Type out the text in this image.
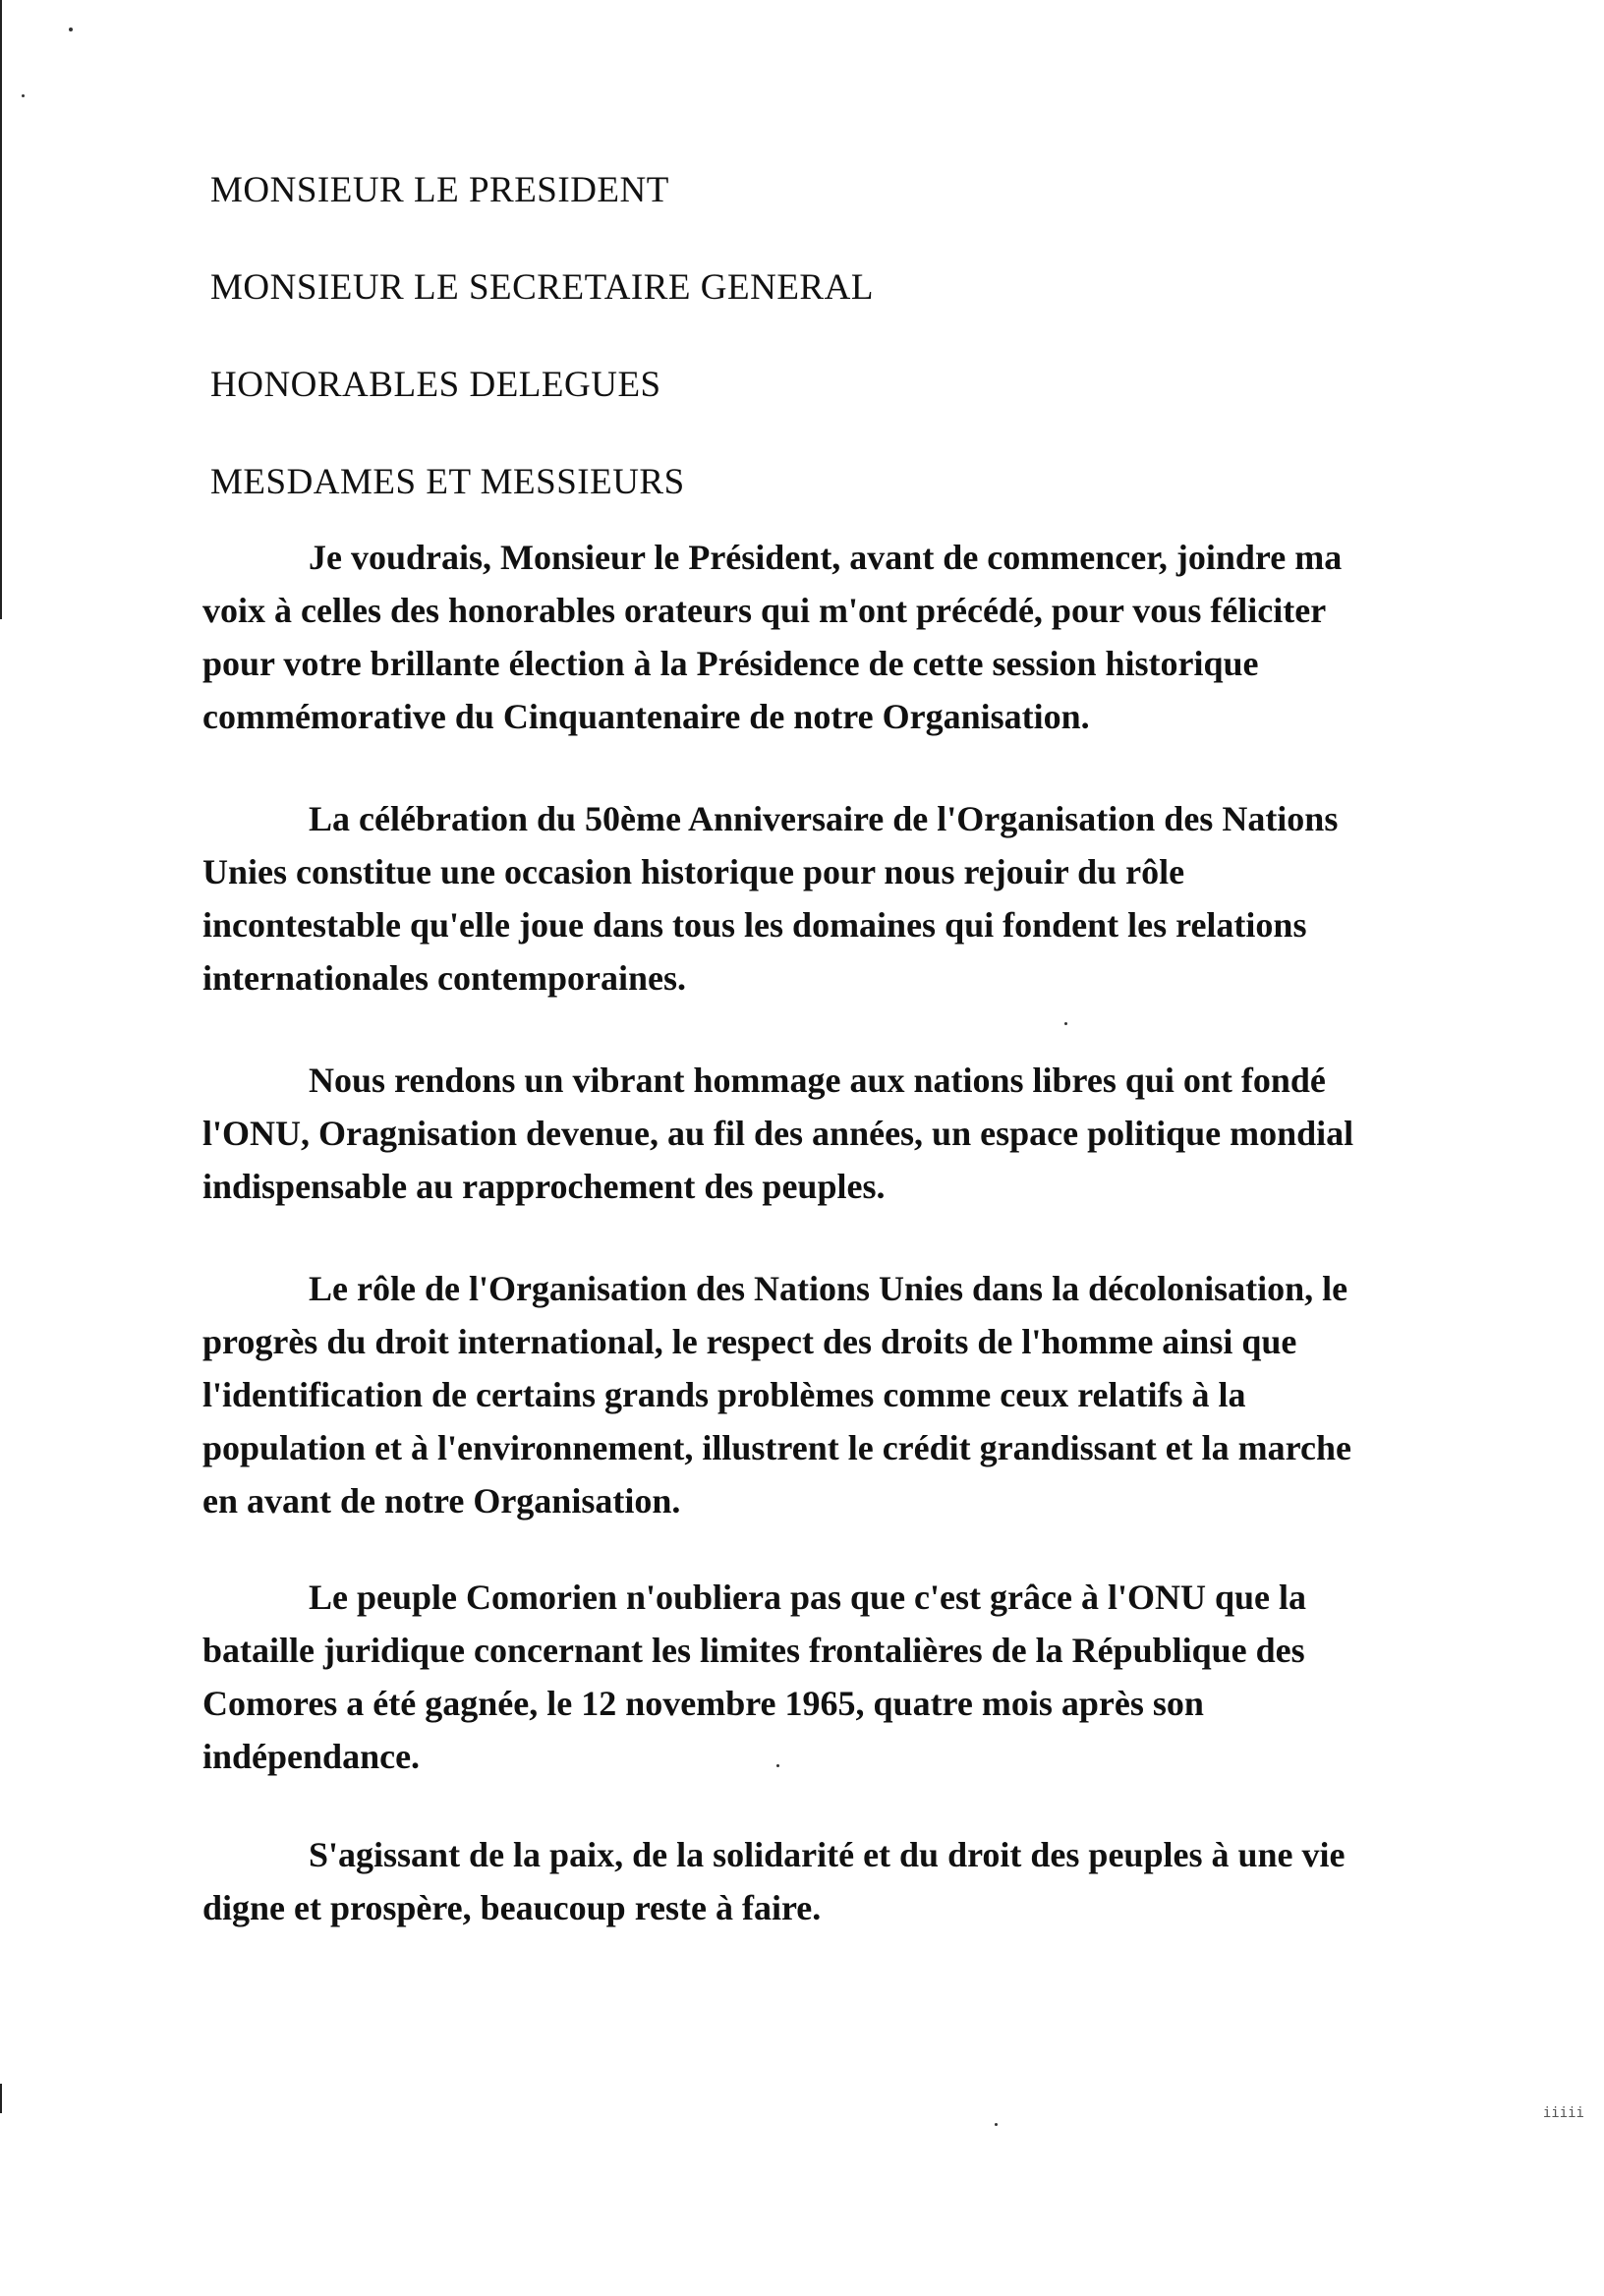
MONSIEUR LE PRESIDENT
MONSIEUR LE SECRETAIRE GENERAL
HONORABLES DELEGUES
MESDAMES ET MESSIEURS

Je voudrais, Monsieur le Président, avant de commencer, joindre ma
voix à celles des honorables orateurs qui m'ont précédé, pour vous féliciter
pour votre brillante élection à la Présidence de cette session historique
commémorative du Cinquantenaire de notre Organisation.

La célébration du 50ème Anniversaire de l'Organisation des Nations
Unies constitue une occasion historique pour nous rejouir du rôle
incontestable qu'elle joue dans tous les domaines qui fondent les relations
internationales contemporaines.

Nous rendons un vibrant hommage aux nations libres qui ont fondé
l'ONU, Oragnisation devenue, au fil des années, un espace politique mondial
indispensable au rapprochement des peuples.

Le rôle de l'Organisation des Nations Unies dans la décolonisation, le
progrès du droit international, le respect des droits de l'homme ainsi que
l'identification de certains grands problèmes comme ceux relatifs à la
population et à l'environnement, illustrent le crédit grandissant et la marche
en avant de notre Organisation.

Le peuple Comorien n'oubliera pas que c'est grâce à l'ONU que la
bataille juridique concernant les limites frontalières de la République des
Comores a été gagnée, le 12 novembre 1965, quatre mois après son
indépendance.

S'agissant de la paix, de la solidarité et du droit des peuples à une vie
digne et prospère, beaucoup reste à faire.

iiiii
